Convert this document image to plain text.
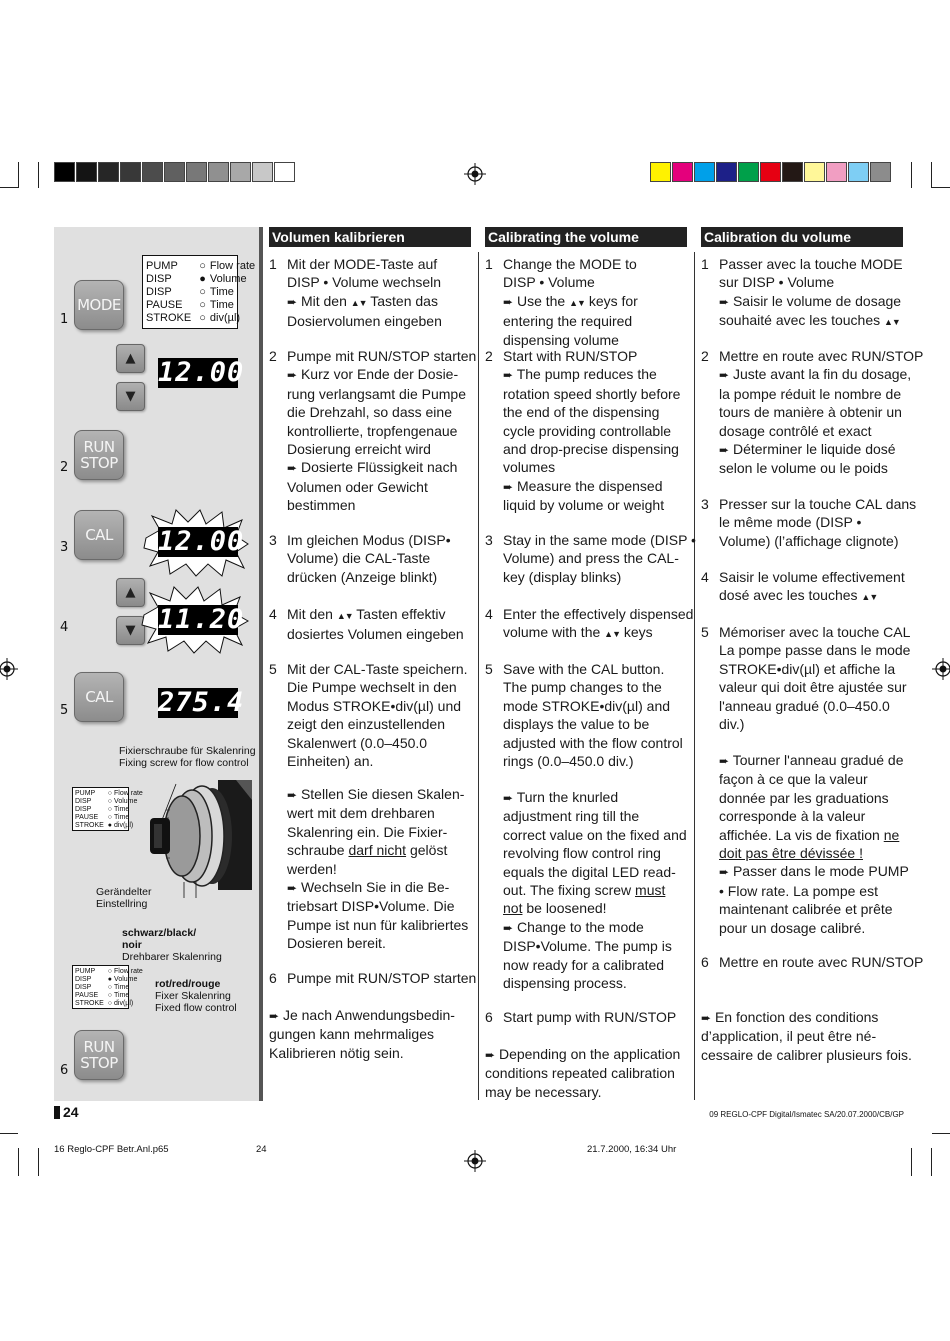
PUMP	○	Flow rate
DISP	●	Volume
DISP	○	Time
PAUSE	○	Time
STROKE	○	div(µl)
1
MODE
▲
▼
12.00
2
RUN
STOP
3
CAL	12.00
4
▲
▼ 11.20
5
CAL	275.4
Fixierschraube für Skalenring
Fixing screw for flow control
PUMP	○	Flow rate
DISP	○	Volume
DISP	○	Time
PAUSE	○	Time
STROKE	●	div(µl)
Gerändelter
Einstellring
schwarz/black/
noir
Drehbarer Skalenring
PUMP	○	Flow rate
DISP	●	Volume
DISP	○	Time
PAUSE	○	Time
STROKE	○	div(µl)
rot/red/rouge
Fixer Skalenring
Fixed flow control
6
RUN
STOP
Volumen kalibrieren	Calibrating the volume	Calibration du volume
1 Mit der MODE-Taste auf
DISP • Volume wechseln
➨ Mit den ▲▼ Tasten das
Dosiervolumen eingeben
2 Pumpe mit RUN/STOP starten
➨ Kurz vor Ende der Dosie-
rung verlangsamt die Pumpe
die Drehzahl, so dass eine
kontrollierte, tropfengenaue
Dosierung erreicht wird
➨ Dosierte Flüssigkeit nach
Volumen oder Gewicht
bestimmen
3 Im gleichen Modus (DISP•
Volume) die CAL-Taste
drücken (Anzeige blinkt)
4 Mit den ▲▼ Tasten effektiv
dosiertes Volumen eingeben
5 Mit der CAL-Taste speichern.
Die Pumpe wechselt in den
Modus STROKE•div(µl) und
zeigt den einzustellenden
Skalenwert (0.0–450.0
Einheiten) an.
➨ Stellen Sie diesen Skalen-
wert mit dem drehbaren
Skalenring ein. Die Fixier-
schraube darf nicht gelöst
werden!
➨ Wechseln Sie in die Be-
triebsart DISP•Volume. Die
Pumpe ist nun für kalibriertes
Dosieren bereit.
6 Pumpe mit RUN/STOP starten
➨ Je nach Anwendungsbedin-
gungen kann mehrmaliges
Kalibrieren nötig sein.
1 Change the MODE to
DISP • Volume
➨ Use the ▲▼ keys for
entering the required
dispensing volume
2 Start with RUN/STOP
➨ The pump reduces the
rotation speed shortly before
the end of the dispensing
cycle providing controllable
and drop-precise dispensing
volumes
➨ Measure the dispensed
liquid by volume or weight
3 Stay in the same mode (DISP •
Volume) and press the CAL-
key (display blinks)
4 Enter the effectively dispensed
volume with the ▲▼ keys
5 Save with the CAL button.
The pump changes to the
mode STROKE•div(µl) and
displays the value to be
adjusted with the flow control
rings (0.0–450.0 div.)
➨ Turn the knurled
adjustment ring till the
correct value on the fixed and
revolving flow control ring
equals the digital LED read-
out. The fixing screw must
not be loosened!
➨ Change to the mode
DISP•Volume. The pump is
now ready for a calibrated
dispensing process.
6 Start pump with RUN/STOP
➨ Depending on the application
conditions repeated calibration
may be necessary.
1 Passer avec la touche MODE
sur DISP • Volume
➨ Saisir le volume de dosage
souhaité avec les touches ▲▼
2 Mettre en route avec RUN/STOP
➨ Juste avant la fin du dosage,
la pompe réduit le nombre de
tours de manière à obtenir un
dosage contrôlé et exact
➨ Déterminer le liquide dosé
selon le volume ou le poids
3 Presser sur la touche CAL dans
le même mode (DISP •
Volume) (l’affichage clignote)
4 Saisir le volume effectivement
dosé avec les touches ▲▼
5 Mémoriser avec la touche CAL
La pompe passe dans le mode
STROKE•div(µl) et affiche la
valeur qui doit être ajustée sur
l'anneau gradué (0.0–450.0
div.)
➨ Tourner l'anneau gradué de
façon à ce que la valeur
donnée par les graduations
corresponde à la valeur
affichée. La vis de fixation ne
doit pas être dévissée !
➨ Passer dans le mode PUMP
• Flow rate. La pompe est
maintenant calibrée et prête
pour un dosage calibré.
6 Mettre en route avec RUN/STOP
➨ En fonction des conditions
d’application, il peut être né-
cessaire de calibrer plusieurs fois.
24	09 REGLO-CPF Digital/Ismatec SA/20.07.2000/CB/GP
16 Reglo-CPF Betr.Anl.p65	24	21.7.2000, 16:34 Uhr
